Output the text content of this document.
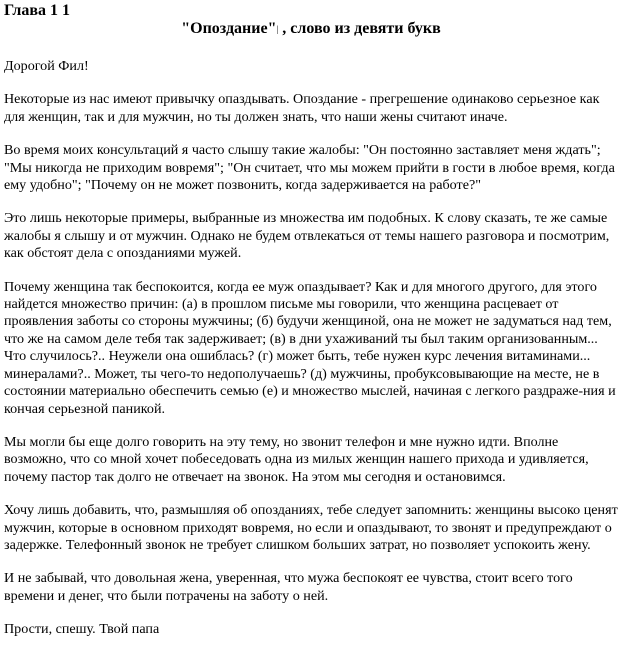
Глава 1 1
"Опоздание"| , слово из девяти букв

Дорогой Фил!

Некоторые из нас имеют привычку опаздывать. Опоздание - прегрешение одинаково серьезное как для женщин, так и для мужчин, но ты должен знать, что наши жены считают иначе.

Во время моих консультаций я часто слышу такие жалобы: "Он постоянно заставляет меня ждать"; "Мы никогда не приходим вовремя"; "Он считает, что мы можем прийти в гости в любое время, когда ему удобно"; "Почему он не может позвонить, когда задерживается на работе?"

Это лишь некоторые примеры, выбранные из множества им подобных. К слову сказать, те же самые жалобы я слышу и от мужчин. Однако не будем отвлекаться от темы нашего разговора и посмотрим, как обстоят дела с опозданиями мужей.

Почему женщина так беспокоится, когда ее муж опаздывает? Как и для многого другого, для этого найдется множество причин: (а) в прошлом письме мы говорили, что женщина расцевает от проявления заботы со стороны мужчины; (б) будучи женщиной, она не может не задуматься над тем, что же на самом деле тебя так задерживает; (в) в дни ухаживаний ты был таким организованным... Что случилось?.. Неужели она ошиблась? (г) может быть, тебе нужен курс лечения витаминами... минералами?.. Может, ты чего-то недополучаешь? (д) мужчины, пробуксовывающие на месте, не в состоянии материально обеспечить семью (е) и множество мыслей, начиная с легкого раздраже-ния и кончая серьезной паникой.

Мы могли бы еще долго говорить на эту тему, но звонит телефон и мне нужно идти. Вполне возможно, что со мной хочет побеседовать одна из милых женщин нашего прихода и удивляется, почему пастор так долго не отвечает на звонок. На этом мы сегодня и остановимся.

Хочу лишь добавить, что, размышляя об опозданиях, тебе следует запомнить: женщины высоко ценят мужчин, которые в основном приходят вовремя, но если и опаздывают, то звонят и предупреждают о задержке. Телефонный звонок не требует слишком больших затрат, но позволяет успокоить жену.

И не забывай, что довольная жена, уверенная, что мужа беспокоят ее чувства, стоит всего того времени и денег, что были потрачены на заботу о ней.

Прости, спешу. Твой папа
